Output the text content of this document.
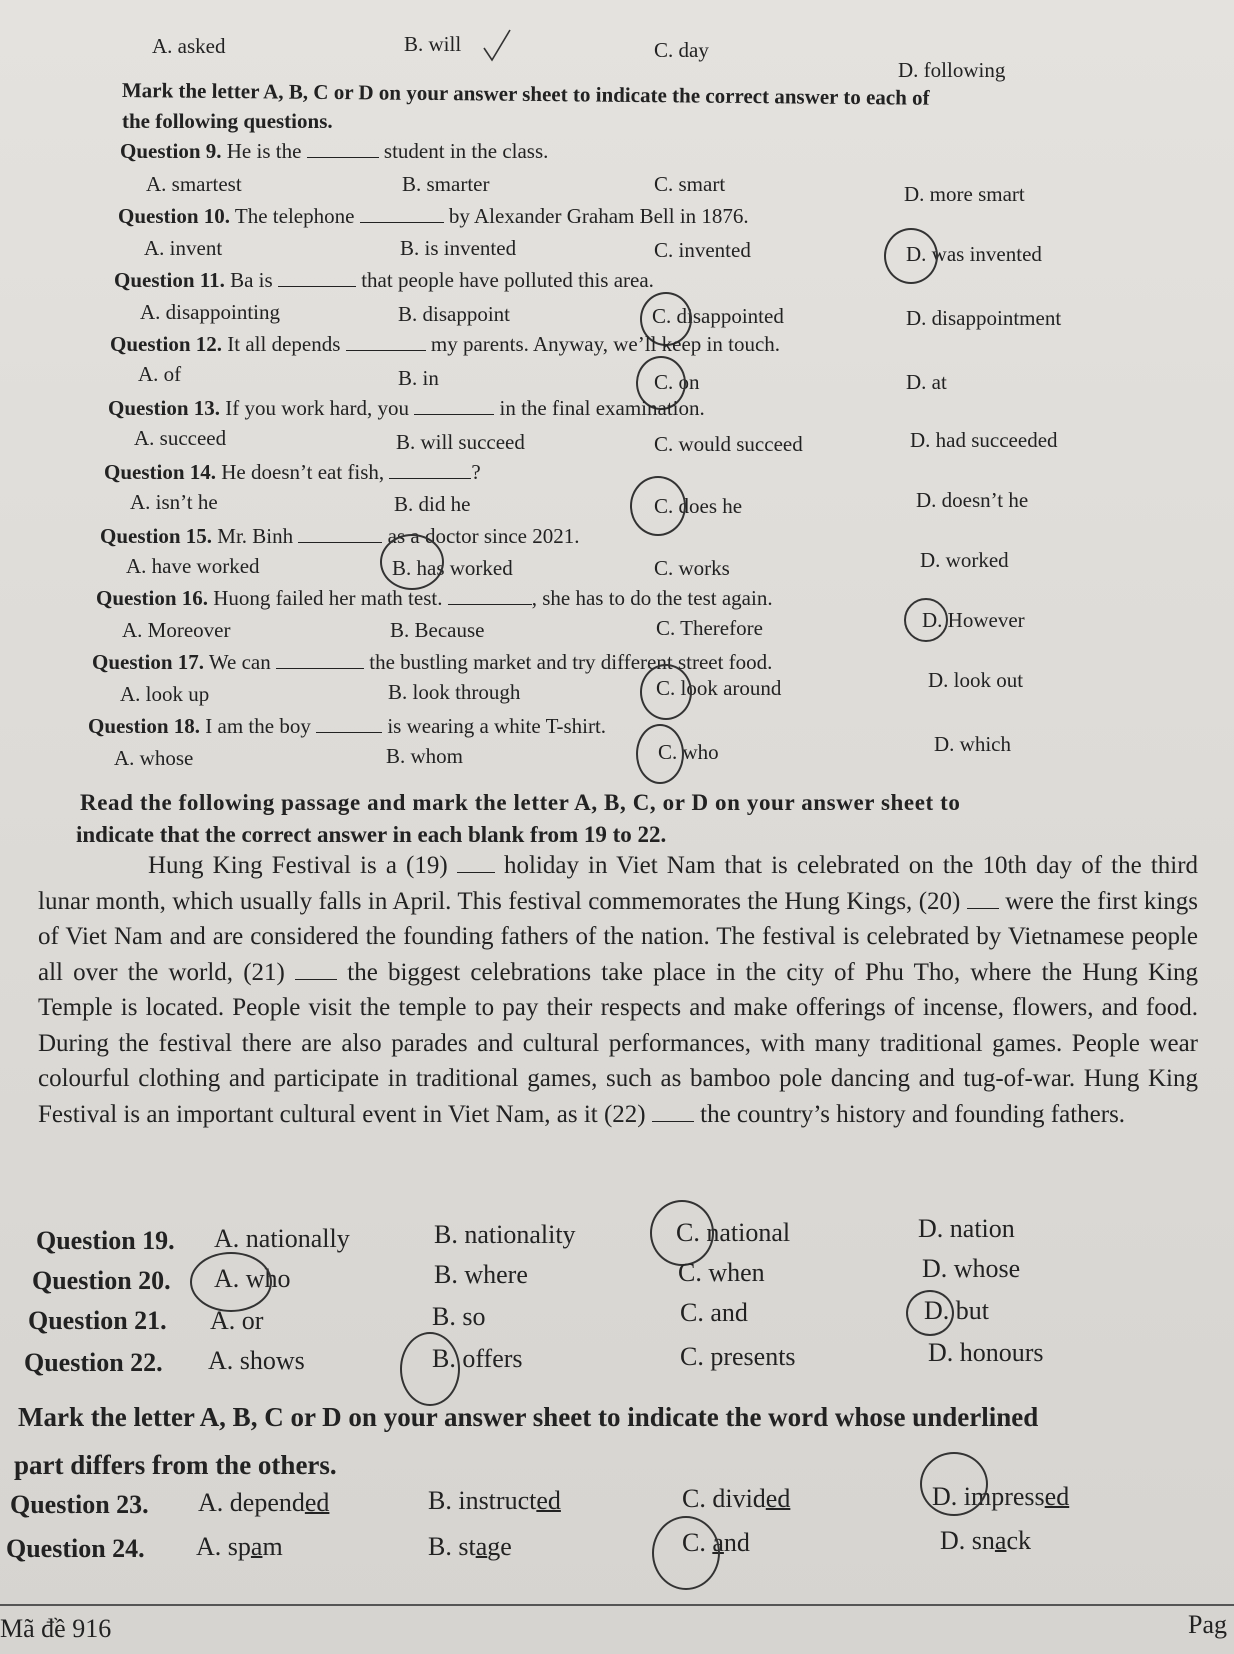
A. asked	B. will	C. day
D. following
Mark the letter A, B, C or D on your answer sheet to indicate the correct answer to each of
the following questions.
Question 9. He is the	student in the class.
A. smartest	B. smarter	C. smart	D. more smart
Question 10. The telephone	by Alexander Graham Bell in 1876.
A. invent	B. is invented	C. invented	D. was invented
Question 11. Ba is	that people have polluted this area.
A. disappointing	B. disappoint	C. disappointed	D. disappointment
Question 12. It all depends	my parents. Anyway, we’ll keep in touch.
A. of	B. in	C. on	D. at
Question 13. If you work hard, you	in the final examination.
A. succeed	B. will succeed	C. would succeed	D. had succeeded
Question 14. He doesn’t eat fish,	?
A. isn’t he	B. did he	C. does he	D. doesn’t he
Question 15. Mr. Binh	as a doctor since 2021.
A. have worked	B. has worked	C. works	D. worked
Question 16. Huong failed her math test.	, she has to do the test again.
A. Moreover	B. Because	C. Therefore	D. However
Question 17. We can	the bustling market and try different street food.
A. look up	B. look through	C. look around	D. look out
Question 18. I am the boy	is wearing a white T-shirt.
A. whose	B. whom	C. who	D. which
Read the following passage and mark the letter A, B, C, or D on your answer sheet to
indicate that the correct answer in each blank from 19 to 22.

Hung King Festival is a (19) holiday in Viet Nam that is celebrated on the 10th day of the third lunar month, which usually falls in April. This festival commemorates the Hung Kings, (20) were the first kings of Viet Nam and are considered the founding fathers of the nation. The festival is celebrated by Vietnamese people all over the world, (21) the biggest celebrations take place in the city of Phu Tho, where the Hung King Temple is located. People visit the temple to pay their respects and make offerings of incense, flowers, and food. During the festival there are also parades and cultural performances, with many traditional games. People wear colourful clothing and participate in traditional games, such as bamboo pole dancing and tug-of-war. Hung King Festival is an important cultural event in Viet Nam, as it (22) the country’s history and founding fathers.

Question 19. A. nationally	B. nationality	C. national	D. nation
Question 20. A. who	B. where	C. when	D. whose
Question 21. A. or	B. so	C. and	D. but
Question 22. A. shows	B. offers	C. presents	D. honours
Mark the letter A, B, C or D on your answer sheet to indicate the word whose underlined
part differs from the others.
Question 23. A. depended	B. instructed	C. divided	D. impressed
Question 24. A. spam	B. stage	C. and	D. snack
Mã đề 916	Pag
